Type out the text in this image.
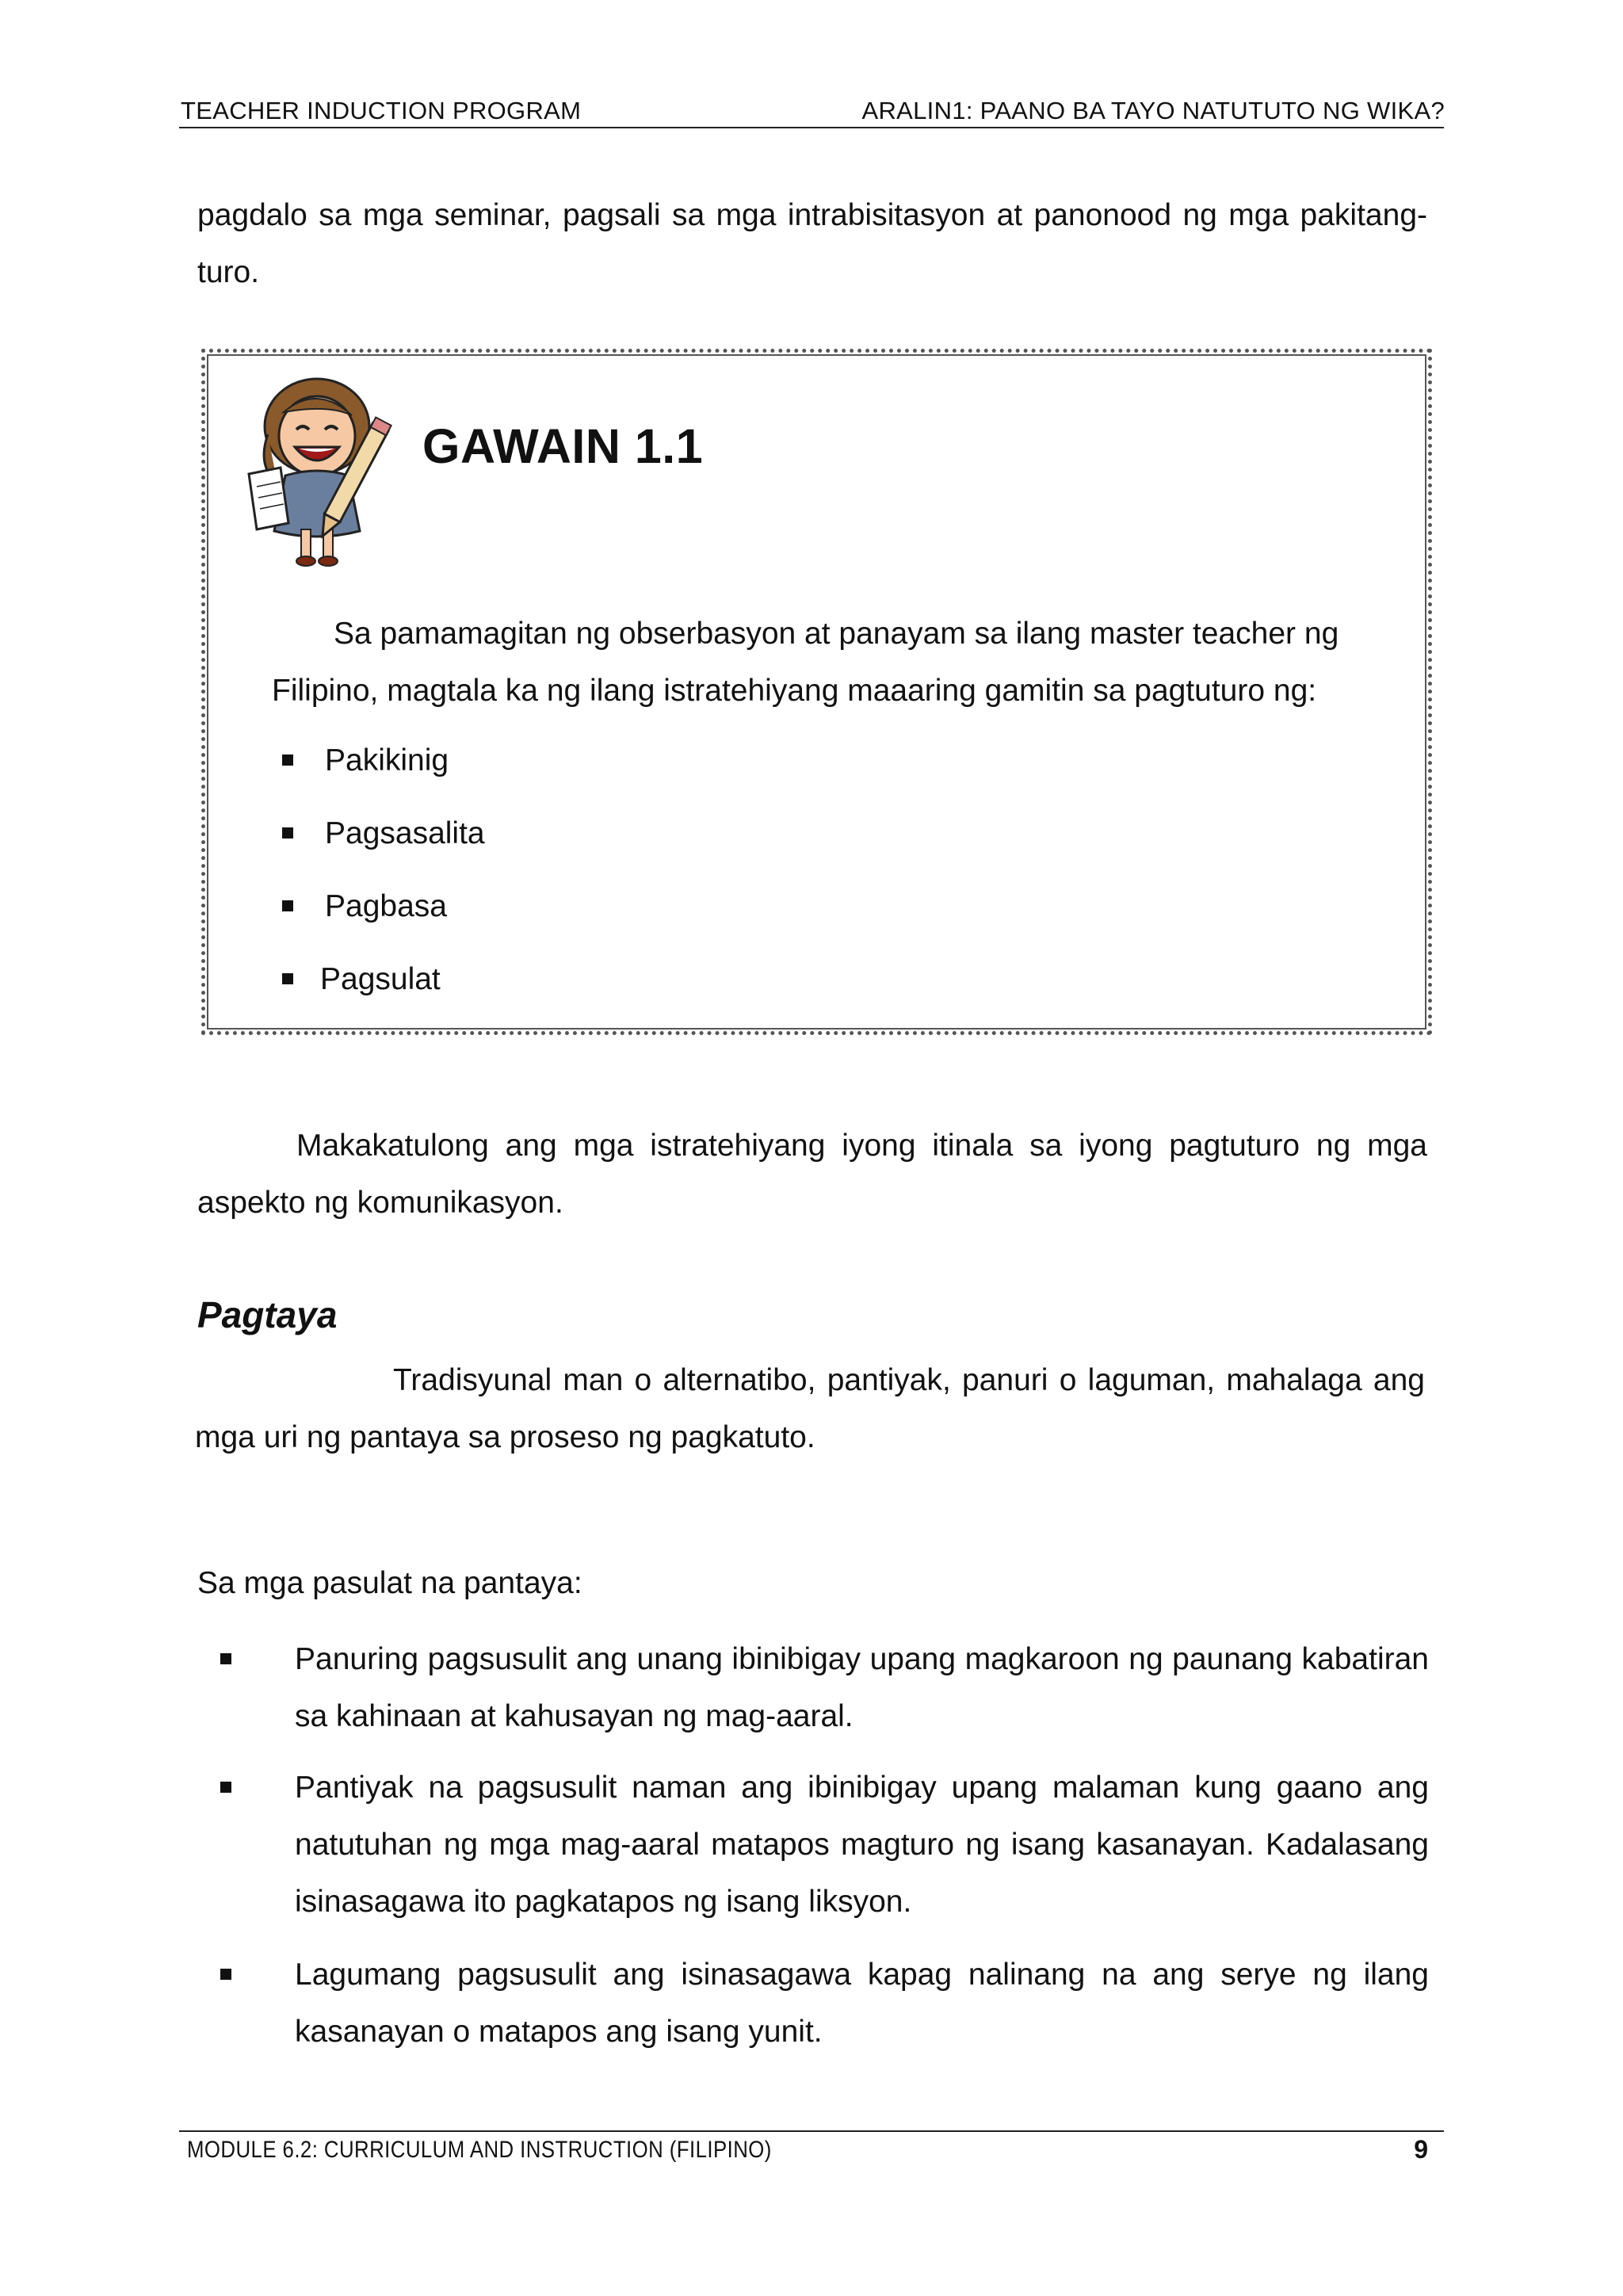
TEACHER INDUCTION PROGRAM	ARALIN1: PAANO BA TAYO NATUTUTO NG WIKA?
pagdalo sa mga seminar, pagsali sa mga intrabisitasyon at panonood ng mga pakitang-turo.
GAWAIN 1.1
Sa pamamagitan ng obserbasyon at panayam sa ilang master teacher ng Filipino, magtala ka ng ilang istratehiyang maaaring gamitin sa pagtuturo ng:
Pakikinig
Pagsasalita
Pagbasa
Pagsulat
Makakatulong ang mga istratehiyang iyong itinala sa iyong pagtuturo ng mga aspekto ng komunikasyon.
Pagtaya
Tradisyunal man o alternatibo, pantiyak, panuri o laguman, mahalaga ang mga uri ng pantaya sa proseso ng pagkatuto.
Sa mga pasulat na pantaya:
Panuring pagsusulit ang unang ibinibigay upang magkaroon ng paunang kabatiran sa kahinaan at kahusayan ng mag-aaral.
Pantiyak na pagsusulit naman ang ibinibigay upang malaman kung gaano ang natutuhan ng mga mag-aaral matapos magturo ng isang kasanayan. Kadalasang isinasagawa ito pagkatapos ng isang liksyon.
Lagumang pagsusulit ang isinasagawa kapag nalinang na ang serye ng ilang kasanayan o matapos ang isang yunit.
MODULE 6.2: CURRICULUM AND INSTRUCTION (FILIPINO)	9
